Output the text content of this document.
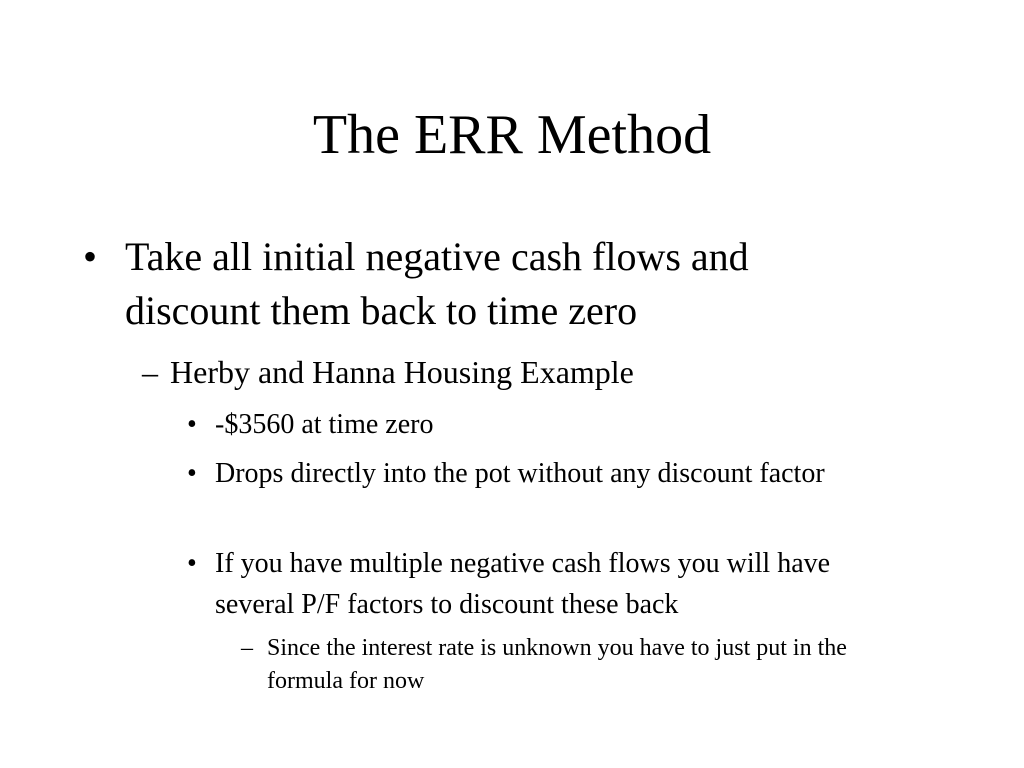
The ERR Method
• Take all initial negative cash flows and discount them back to time zero
– Herby and Hanna Housing Example
• -$3560 at time zero
• Drops directly into the pot without any discount factor
• If you have multiple negative cash flows you will have several P/F factors to discount these back
– Since the interest rate is unknown you have to just put in the formula for now
